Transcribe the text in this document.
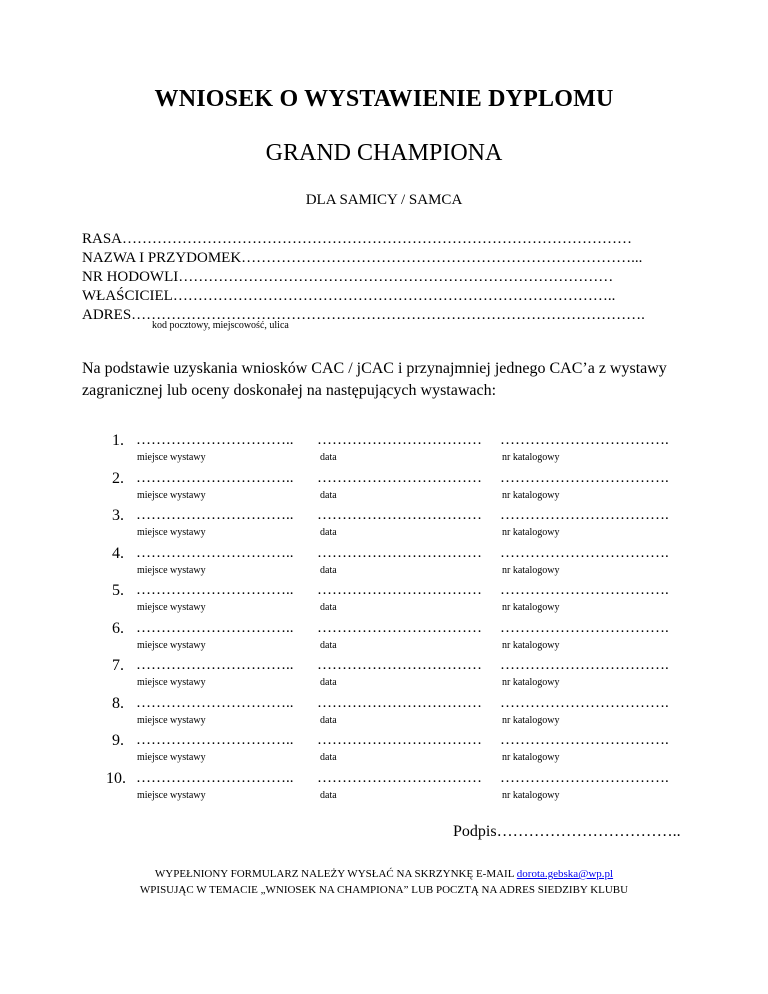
WNIOSEK O WYSTAWIENIE DYPLOMU
GRAND CHAMPIONA
DLA SAMICY / SAMCA
RASA…………………………………………………………………………………………
NAZWA I PRZYDOMEK……………………………………………………………………...
NR HODOWLI……………………………………………………………………………
WŁAŚCICIEL……………………………………………………………………………..
ADRES………………………………………………………………………………………….
kod pocztowy, miejscowość, ulica
Na podstawie uzyskania wniosków CAC / jCAC i przynajmniej jednego CAC’a z wystawy zagranicznej lub oceny doskonałej na następujących wystawach:
1. ………………………….. …………………………… …………………………….
miejsce wystawy	data	nr katalogowy
2. ………………………….. …………………………… …………………………….
miejsce wystawy	data	nr katalogowy
3. ………………………….. …………………………… …………………………….
miejsce wystawy	data	nr katalogowy
4. ………………………….. …………………………… …………………………….
miejsce wystawy	data	nr katalogowy
5. ………………………….. …………………………… …………………………….
miejsce wystawy	data	nr katalogowy
6. ………………………….. …………………………… …………………………….
miejsce wystawy	data	nr katalogowy
7. ………………………….. …………………………… …………………………….
miejsce wystawy	data	nr katalogowy
8. ………………………….. …………………………… …………………………….
miejsce wystawy	data	nr katalogowy
9. ………………………….. …………………………… …………………………….
miejsce wystawy	data	nr katalogowy
10. ………………………….. …………………………… …………………………….
miejsce wystawy	data	nr katalogowy
Podpis……………………………..
WYPEŁNIONY FORMULARZ NALEŻY WYSŁAĆ NA SKRZYNKĘ E-MAIL dorota.gebska@wp.pl
WPISUJĄC W TEMACIE „WNIOSEK NA CHAMPIONA” LUB POCZTĄ NA ADRES SIEDZIBY KLUBU
